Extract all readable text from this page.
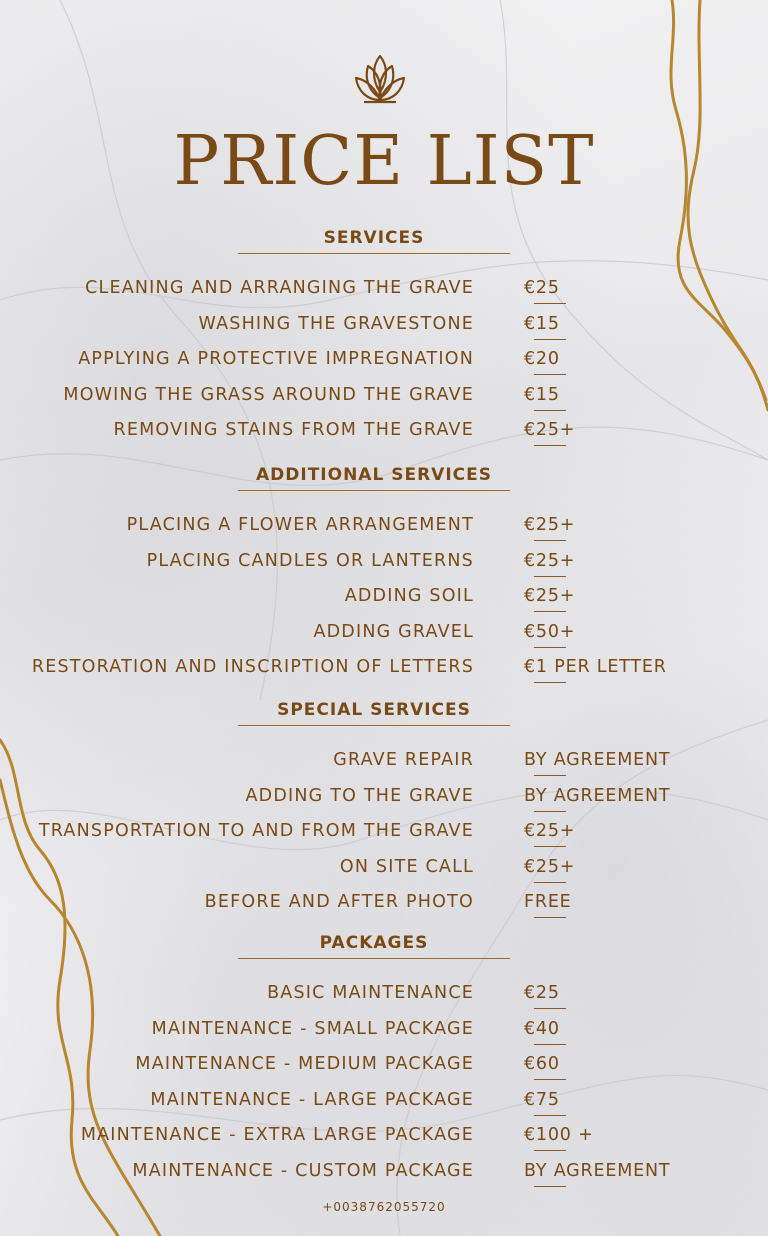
PRICE LIST
SERVICES
CLEANING AND ARRANGING THE GRAVE	€25
WASHING THE GRAVESTONE	€15
APPLYING A PROTECTIVE IMPREGNATION	€20
MOWING THE GRASS AROUND THE GRAVE	€15
REMOVING STAINS FROM THE GRAVE	€25+
ADDITIONAL SERVICES
PLACING A FLOWER ARRANGEMENT	€25+
PLACING CANDLES OR LANTERNS	€25+
ADDING SOIL	€25+
ADDING GRAVEL	€50+
RESTORATION AND INSCRIPTION OF LETTERS	€1 PER LETTER
SPECIAL SERVICES
GRAVE REPAIR	BY AGREEMENT
ADDING TO THE GRAVE	BY AGREEMENT
TRANSPORTATION TO AND FROM THE GRAVE	€25+
ON SITE CALL	€25+
BEFORE AND AFTER PHOTO	FREE
PACKAGES
BASIC MAINTENANCE	€25
MAINTENANCE - SMALL PACKAGE	€40
MAINTENANCE - MEDIUM PACKAGE	€60
MAINTENANCE - LARGE PACKAGE	€75
MAINTENANCE - EXTRA LARGE PACKAGE	€100 +
MAINTENANCE - CUSTOM PACKAGE	BY AGREEMENT
+0038762055720
